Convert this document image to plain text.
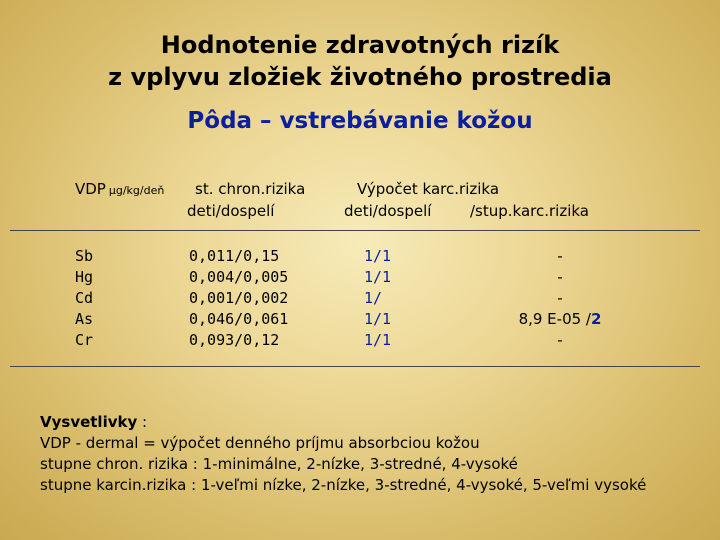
Hodnotenie zdravotných rizík
z vplyvu zložiek životného prostredia
Pôda – vstrebávanie kožou
VDP μg/kg/deň st. chron.rizika
deti/dospelí
Výpočet karc.rizika
deti/dospelí	/stup.karc.rizika
Sb
Hg
Cd
As
Cr
0,011/0,15
0,004/0,005
0,001/0,002
0,046/0,061
0,093/0,12
1/1
1/1
1/
1/1
1/1
-
-
-
8,9 E-05 /2
-
Vysvetlivky :
VDP - dermal = výpočet denného príjmu absorbciou kožou
stupne chron. rizika : 1-minimálne, 2-nízke, 3-stredné, 4-vysoké
stupne karcin.rizika : 1-veľmi nízke, 2-nízke, 3-stredné, 4-vysoké, 5-veľmi vysoké
